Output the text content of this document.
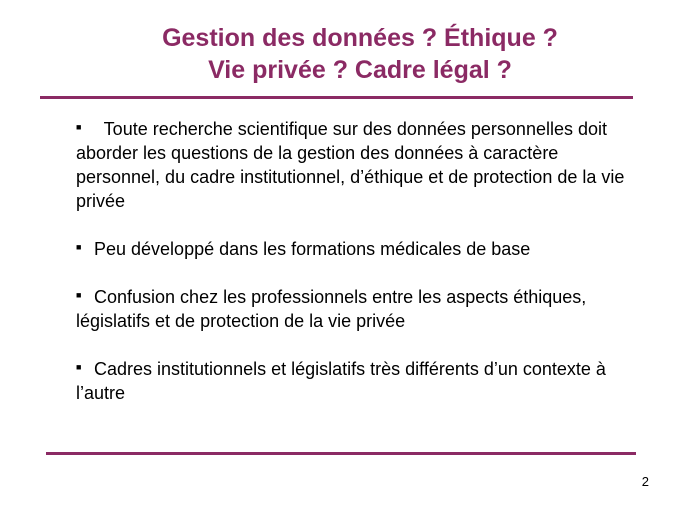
Gestion des données ? Éthique ?
Vie privée ? Cadre légal ?
■  Toute recherche scientifique sur des données personnelles doit aborder les questions de la gestion des données à caractère personnel, du cadre institutionnel, d’éthique et de protection de la vie privée
■ Peu développé dans les formations médicales de base
■ Confusion chez les professionnels entre les aspects éthiques, législatifs et de protection de la vie privée
■ Cadres institutionnels et législatifs très différents d’un contexte à l’autre
2
